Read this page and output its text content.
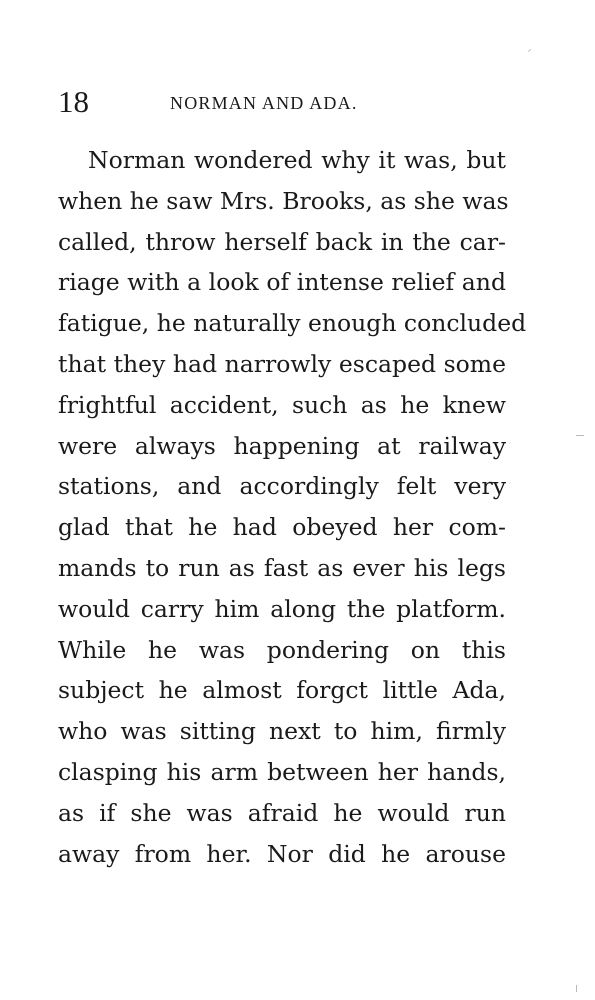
18	NORMAN AND ADA.
Norman wondered why it was, but
when he saw Mrs. Brooks, as she was
called, throw herself back in the car-
riage with a look of intense relief and
fatigue, he naturally enough concluded
that they had narrowly escaped some
frightful accident, such as he knew
were always happening at railway
stations, and accordingly felt very
glad that he had obeyed her com-
mands to run as fast as ever his legs
would carry him along the platform.
While he was pondering on this
subject he almost forgct little Ada,
who was sitting next to him, firmly
clasping his arm between her hands,
as if she was afraid he would run
away from her. Nor did he arouse
